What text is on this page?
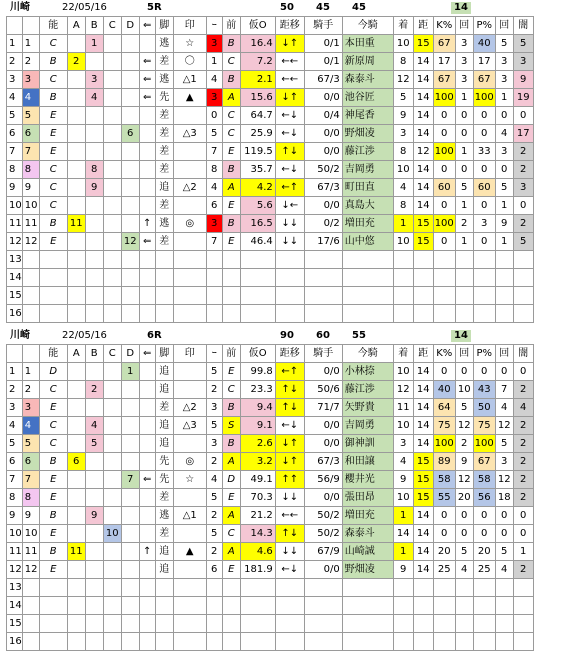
川崎	22/05/16	5R	50 45 45	14
		能	A	B	C	D	⇐	脚	印	ｰ	前	仮O	距移	騎手	今騎	着	距	K%	回	P%	回	闇
1	1	C		1				逃	☆	3	B	16.4	↓↑	0/1	本田重	10	15	67	3	40	5	5
2	2	B	2				⇐	差	〇	1	C	7.2	←←	0/1	新原周	8	14	17	3	17	3	3
3	3	C		3			⇐	逃	△1	4	B	2.1	←←	67/3	森泰斗	12	14	67	3	67	3	9
4	4	B		4			⇐	先	▲	3	A	15.6	↓↑	0/0	池谷匠	5	14	100	1	100	1	19
5	5	E						差		0	C	64.7	←↓	0/4	神尾香	9	14	0	0	0	0	0
6	6	E				6		差	△3	5	C	25.9	←↓	0/0	野畑凌	3	14	0	0	0	4	17
7	7	E						差		7	E	119.5	↑↓	0/0	藤江渉	8	12	100	1	33	3	2
8	8	C		8				差		8	B	35.7	←↓	50/2	吉岡勇	10	14	0	0	0	0	2
9	9	C		9				追	△2	4	A	4.2	←↑	67/3	町田直	4	14	60	5	60	5	3
10	10	C						差		6	E	5.6	↓←	0/0	真島大	8	14	0	1	0	1	0
11	11	B	11				↑	逃	◎	3	B	16.5	↓↓	0/2	増田充	1	15	100	2	3	9	2
12	12	E				12	⇐	差		7	E	46.4	↓↓	17/6	山中悠	10	15	0	1	0	1	5
13																						
14																						
15																						
16																						
川崎	22/05/16	6R	90 60 55	14
		能	A	B	C	D	⇐	脚	印	ｰ	前	仮O	距移	騎手	今騎	着	距	K%	回	P%	回	闇
1	1	D				1		追		5	E	99.8	←↑	0/0	小林捺	10	14	0	0	0	0	0
2	2	C		2				追		2	C	23.3	↑↓	50/6	藤江渉	12	14	40	10	43	7	2
3	3	E						差	△2	3	B	9.4	↑↓	71/7	矢野貴	11	14	64	5	50	4	4
4	4	C		4				追	△3	5	S	9.1	←↓	0/0	吉岡勇	10	14	75	12	75	12	2
5	5	C		5				追		3	B	2.6	↓↑	0/0	御神訓	3	14	100	2	100	5	2
6	6	B	6					先	◎	2	A	3.2	↓↑	67/3	和田譲	4	15	89	9	67	3	2
7	7	E				7	⇐	先	☆	4	D	49.1	↑↑	56/9	櫻井光	9	15	58	12	58	12	2
8	8	E						差		5	E	70.3	↓↓	0/0	張田昂	10	15	55	20	56	18	2
9	9	B		9				逃	△1	2	A	21.2	←←	50/2	増田充	1	14	0	0	0	0	0
10	10	E			10			差		5	C	14.3	↑↓	50/2	森泰斗	14	14	0	0	0	0	0
11	11	B	11				↑	追	▲	2	A	4.6	↓↓	67/9	山崎誠	1	14	20	5	20	5	1
12	12	E						追		6	E	181.9	←↓	0/0	野畑凌	9	14	25	4	25	4	2
13																						
14																						
15																						
16																						
